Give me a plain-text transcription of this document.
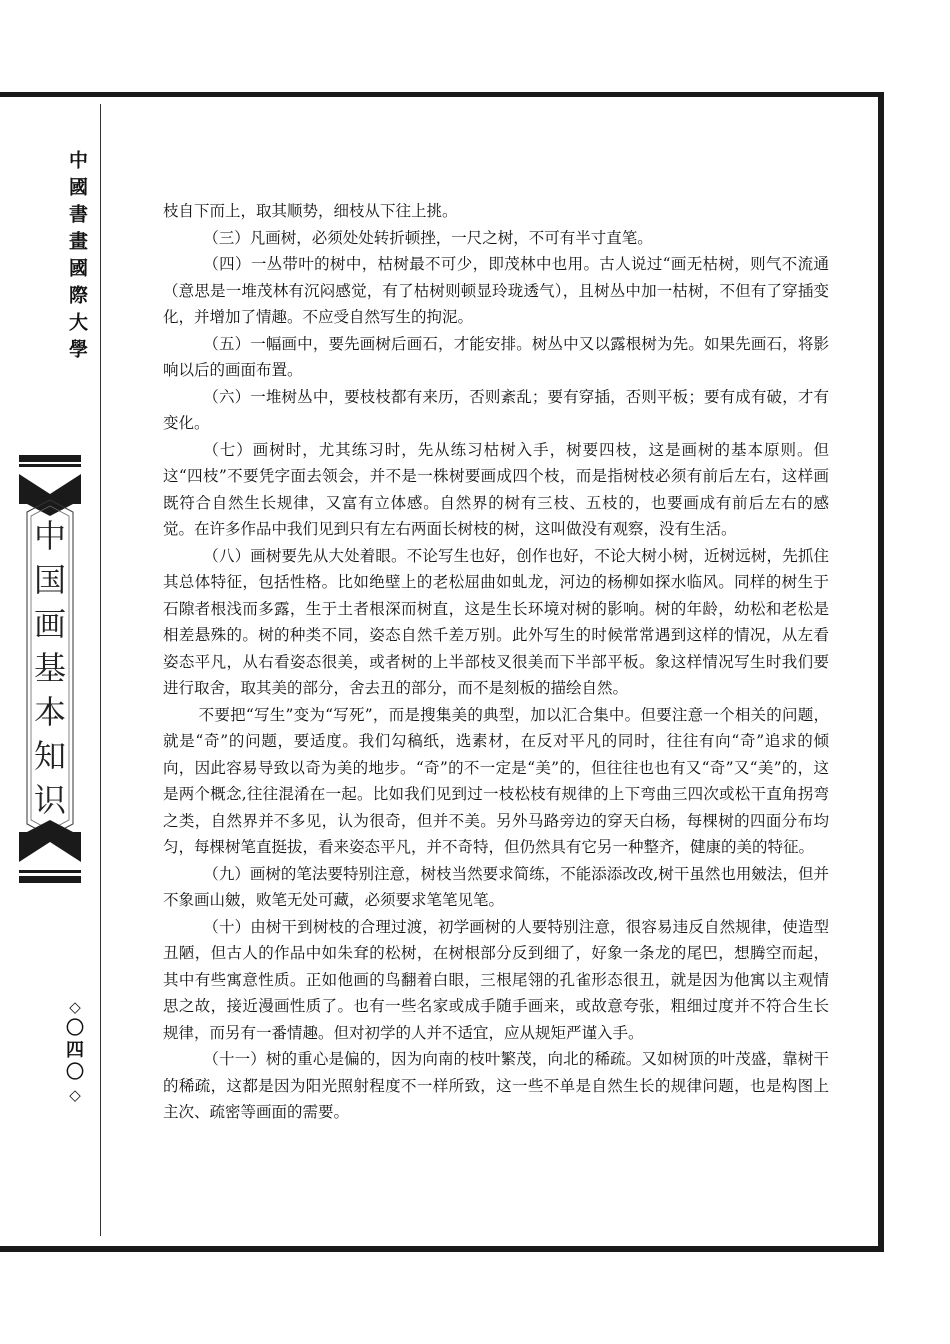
中國書畫國際大學
中
国
画
基
本
知
识
◇
〇
四
〇
◇

枝自下而上，取其顺势，细枝从下往上挑。

（三）凡画树，必须处处转折顿挫，一尺之树，不可有半寸直笔。

（四）一丛带叶的树中，枯树最不可少，即茂林中也用。古人说过“画无枯树，则气不流通（意思是一堆茂林有沉闷感觉，有了枯树则顿显玲珑透气），且树丛中加一枯树，不但有了穿插变化，并增加了情趣。不应受自然写生的拘泥。

（五）一幅画中，要先画树后画石，才能安排。树丛中又以露根树为先。如果先画石，将影响以后的画面布置。

（六）一堆树丛中，要枝枝都有来历，否则紊乱；要有穿插，否则平板；要有成有破，才有变化。

（七）画树时，尤其练习时，先从练习枯树入手，树要四枝，这是画树的基本原则。但这“四枝”不要凭字面去领会，并不是一株树要画成四个枝，而是指树枝必须有前后左右，这样画既符合自然生长规律，又富有立体感。自然界的树有三枝、五枝的，也要画成有前后左右的感觉。在许多作品中我们见到只有左右两面长树枝的树，这叫做没有观察，没有生活。

（八）画树要先从大处着眼。不论写生也好，创作也好，不论大树小树，近树远树，先抓住其总体特征，包括性格。比如绝壁上的老松屈曲如虬龙，河边的杨柳如探水临风。同样的树生于石隙者根浅而多露，生于土者根深而树直，这是生长环境对树的影响。树的年龄，幼松和老松是相差悬殊的。树的种类不同，姿态自然千差万别。此外写生的时候常常遇到这样的情况，从左看姿态平凡，从右看姿态很美，或者树的上半部枝叉很美而下半部平板。象这样情况写生时我们要进行取舍，取其美的部分，舍去丑的部分，而不是刻板的描绘自然。

不要把“写生”变为“写死”，而是搜集美的典型，加以汇合集中。但要注意一个相关的问题，就是“奇”的问题，要适度。我们勾稿纸，选素材，在反对平凡的同时，往往有向“奇”追求的倾向，因此容易导致以奇为美的地步。“奇”的不一定是“美”的，但往往也也有又“奇”又“美”的，这是两个概念,往往混淆在一起。比如我们见到过一枝松枝有规律的上下弯曲三四次或松干直角拐弯之类，自然界并不多见，认为很奇，但并不美。另外马路旁边的穿天白杨，每棵树的四面分布均匀，每棵树笔直挺拔，看来姿态平凡，并不奇特，但仍然具有它另一种整齐，健康的美的特征。

（九）画树的笔法要特别注意，树枝当然要求简练，不能添添改改,树干虽然也用皴法，但并不象画山皴，败笔无处可藏，必须要求笔笔见笔。

（十）由树干到树枝的合理过渡，初学画树的人要特别注意，很容易违反自然规律，使造型丑陋，但古人的作品中如朱耷的松树，在树根部分反到细了，好象一条龙的尾巴，想腾空而起，其中有些寓意性质。正如他画的鸟翻着白眼，三根尾翎的孔雀形态很丑，就是因为他寓以主观情思之故，接近漫画性质了。也有一些名家或成手随手画来，或故意夸张，粗细过度并不符合生长规律，而另有一番情趣。但对初学的人并不适宜，应从规矩严谨入手。

（十一）树的重心是偏的，因为向南的枝叶繁茂，向北的稀疏。又如树顶的叶茂盛，靠树干的稀疏，这都是因为阳光照射程度不一样所致，这一些不单是自然生长的规律问题，也是构图上主次、疏密等画面的需要。
